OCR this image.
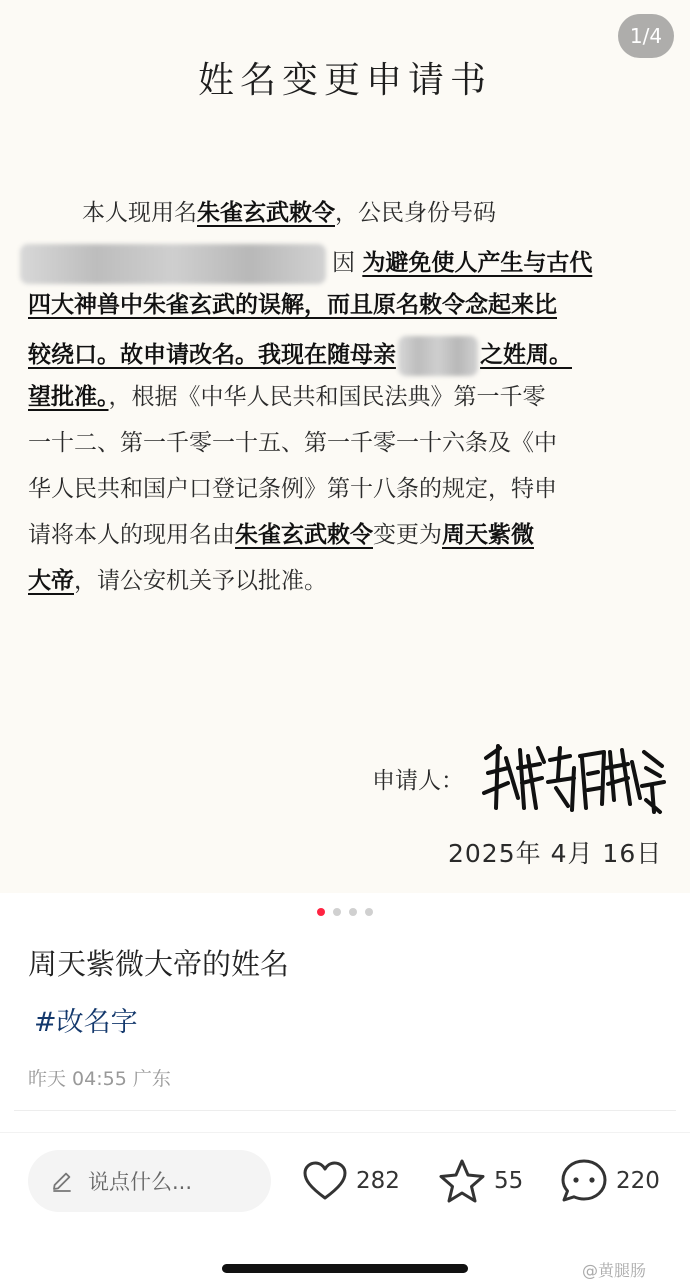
1/4
姓名变更申请书
本人现用名朱雀玄武敕令，公民身份号码
因 为避免使人产生与古代
四大神兽中朱雀玄武的误解，而且原名敕令念起来比
较绕口。故申请改名。我现在随母亲	之姓周。
望批准。，根据《中华人民共和国民法典》第一千零
一十二、第一千零一十五、第一千零一十六条及《中
华人民共和国户口登记条例》第十八条的规定，特申
请将本人的现用名由朱雀玄武敕令变更为周天紫微
大帝，请公安机关予以批准。
申请人：
2025年 4月 16日
周天紫微大帝的姓名
#改名字
昨天 04:55 广东
说点什么...	282	55	220
@黄腿肠
